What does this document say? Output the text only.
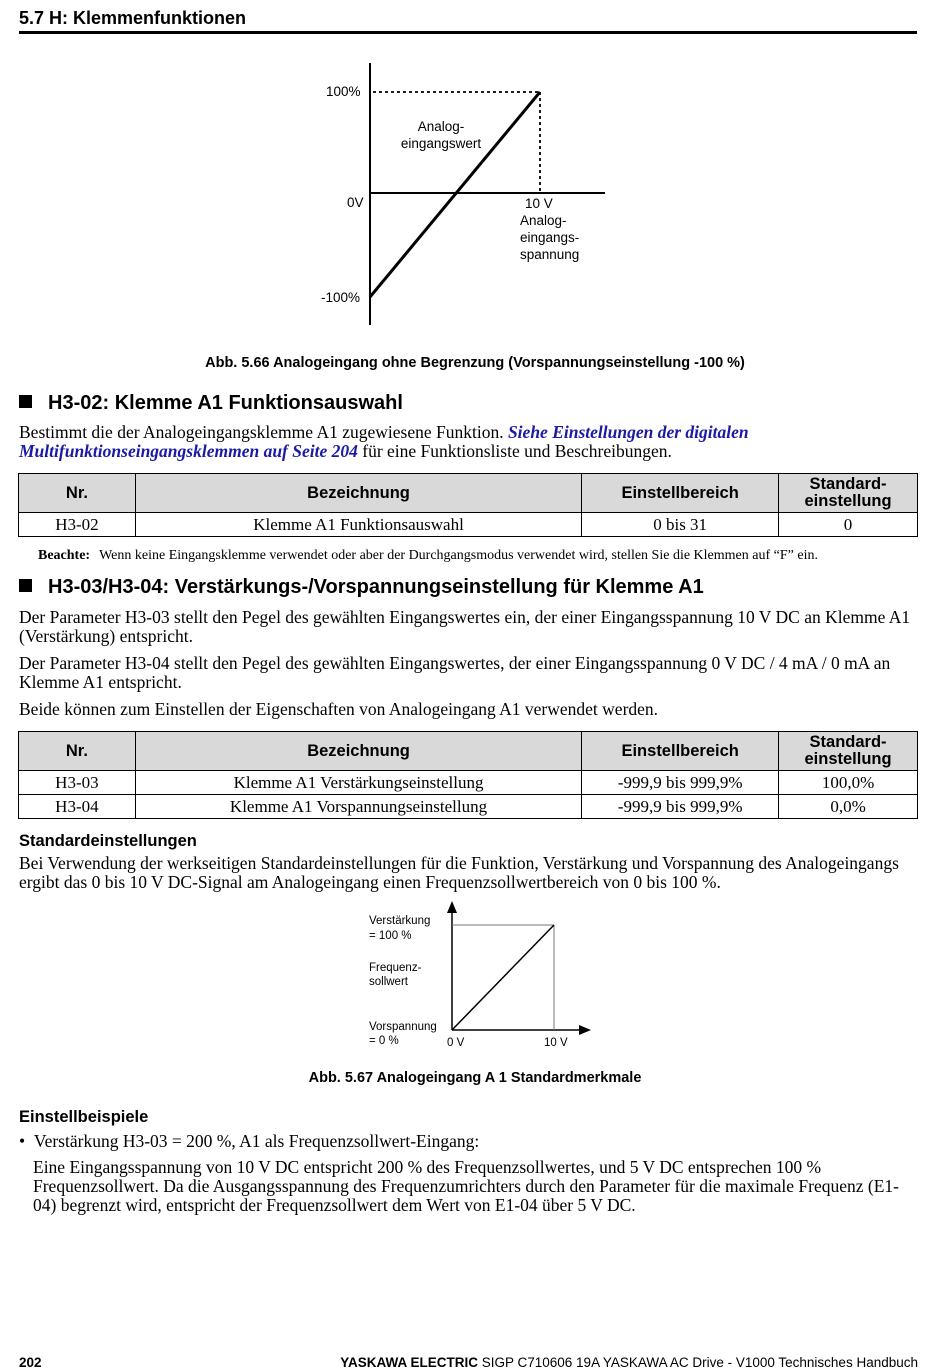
5.7 H: Klemmenfunktionen
100%
0V
-100%
Analog-
eingangswert
10 V
Analog-
eingangs-
spannung
Abb. 5.66 Analogeingang ohne Begrenzung (Vorspannungseinstellung -100 %)
H3-02: Klemme A1 Funktionsauswahl
Bestimmt die der Analogeingangsklemme A1 zugewiesene Funktion. Siehe Einstellungen der digitalen
Multifunktionseingangsklemmen auf Seite 204 für eine Funktionsliste und Beschreibungen.
Nr.	Bezeichnung	Einstellbereich	Standard-
einstellung
H3-02	Klemme A1 Funktionsauswahl	0 bis 31	0
Beachte: Wenn keine Eingangsklemme verwendet oder aber der Durchgangsmodus verwendet wird, stellen Sie die Klemmen auf “F” ein.
H3-03/H3-04: Verstärkungs-/Vorspannungseinstellung für Klemme A1
Der Parameter H3-03 stellt den Pegel des gewählten Eingangswertes ein, der einer Eingangsspannung 10 V DC an Klemme A1 (Verstärkung) entspricht.
Der Parameter H3-04 stellt den Pegel des gewählten Eingangswertes, der einer Eingangsspannung 0 V DC / 4 mA / 0 mA an Klemme A1 entspricht.
Beide können zum Einstellen der Eigenschaften von Analogeingang A1 verwendet werden.
Nr.	Bezeichnung	Einstellbereich	Standard-
einstellung
H3-03	Klemme A1 Verstärkungseinstellung	-999,9 bis 999,9%	100,0%
H3-04	Klemme A1 Vorspannungseinstellung	-999,9 bis 999,9%	0,0%
Standardeinstellungen
Bei Verwendung der werkseitigen Standardeinstellungen für die Funktion, Verstärkung und Vorspannung des Analogeingangs ergibt das 0 bis 10 V DC-Signal am Analogeingang einen Frequenzsollwertbereich von 0 bis 100 %.
Verstärkung
= 100 %
Frequenz-
sollwert
Vorspannung
= 0 %	0 V	10 V
Abb. 5.67 Analogeingang A 1 Standardmerkmale
Einstellbeispiele
• Verstärkung H3-03 = 200 %, A1 als Frequenzsollwert-Eingang:
Eine Eingangsspannung von 10 V DC entspricht 200 % des Frequenzsollwertes, und 5 V DC entsprechen 100 % Frequenzsollwert. Da die Ausgangsspannung des Frequenzumrichters durch den Parameter für die maximale Frequenz (E1-04) begrenzt wird, entspricht der Frequenzsollwert dem Wert von E1-04 über 5 V DC.
202	YASKAWA ELECTRIC SIGP C710606 19A YASKAWA AC Drive - V1000 Technisches Handbuch
